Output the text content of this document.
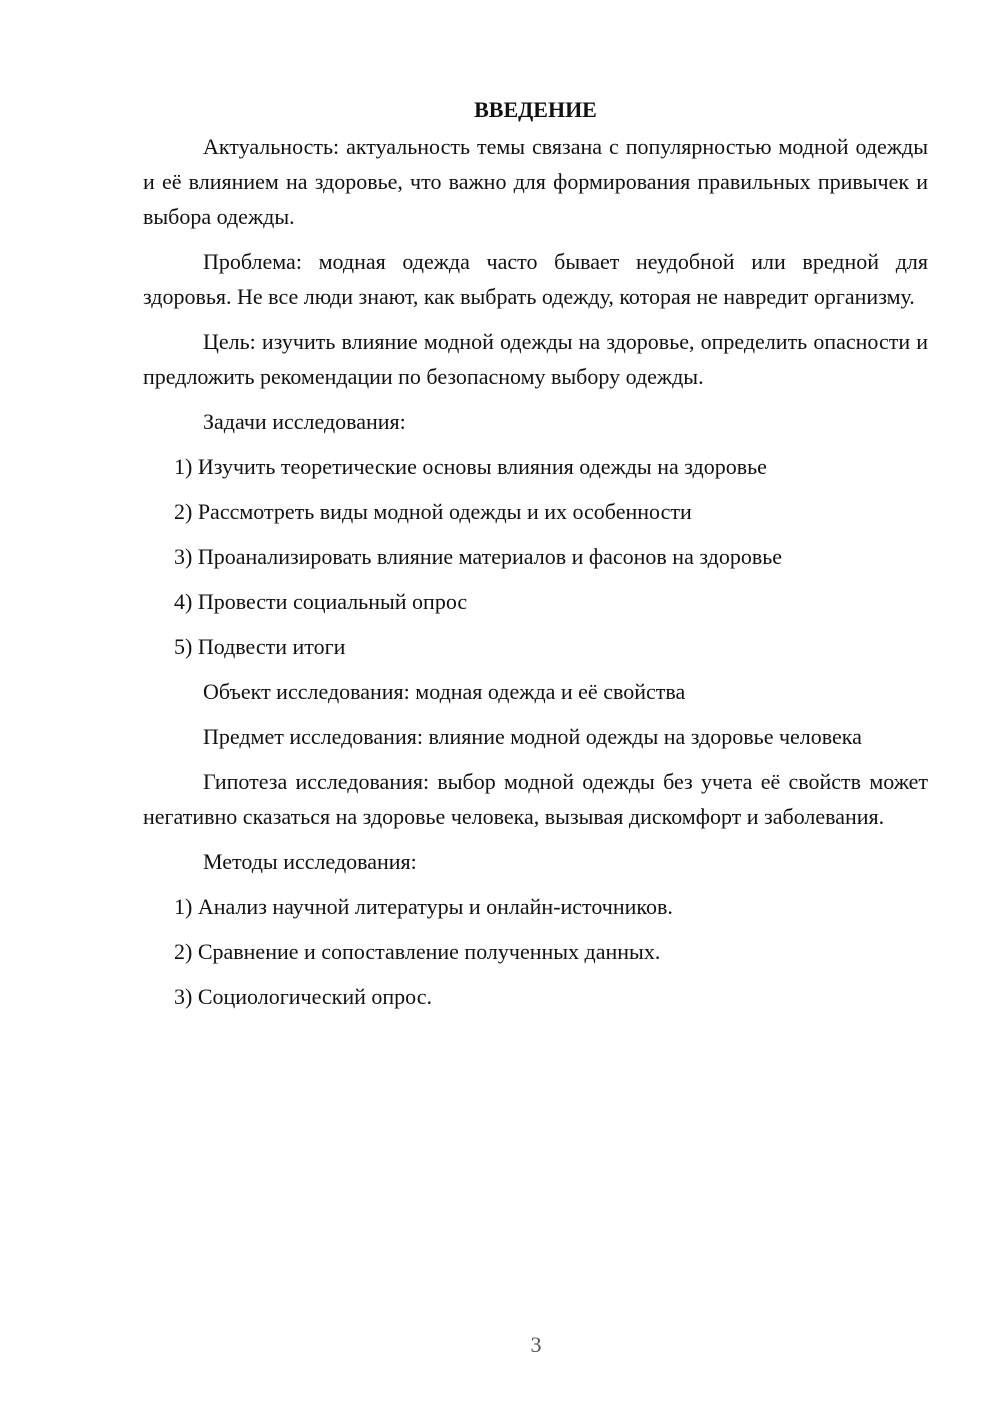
ВВЕДЕНИЕ

Актуальность: актуальность темы связана с популярностью модной одежды и её влиянием на здоровье, что важно для формирования правильных привычек и выбора одежды.

Проблема: модная одежда часто бывает неудобной или вредной для здоровья. Не все люди знают, как выбрать одежду, которая не навредит организму.

Цель: изучить влияние модной одежды на здоровье, определить опасности и предложить рекомендации по безопасному выбору одежды.

Задачи исследования:

1) Изучить теоретические основы влияния одежды на здоровье
2) Рассмотреть виды модной одежды и их особенности
3) Проанализировать влияние материалов и фасонов на здоровье
4) Провести социальный опрос
5) Подвести итоги

Объект исследования: модная одежда и её свойства

Предмет исследования: влияние модной одежды на здоровье человека

Гипотеза исследования: выбор модной одежды без учета её свойств может негативно сказаться на здоровье человека, вызывая дискомфорт и заболевания.

Методы исследования:

1) Анализ научной литературы и онлайн-источников.
2) Сравнение и сопоставление полученных данных.
3) Социологический опрос.
3
